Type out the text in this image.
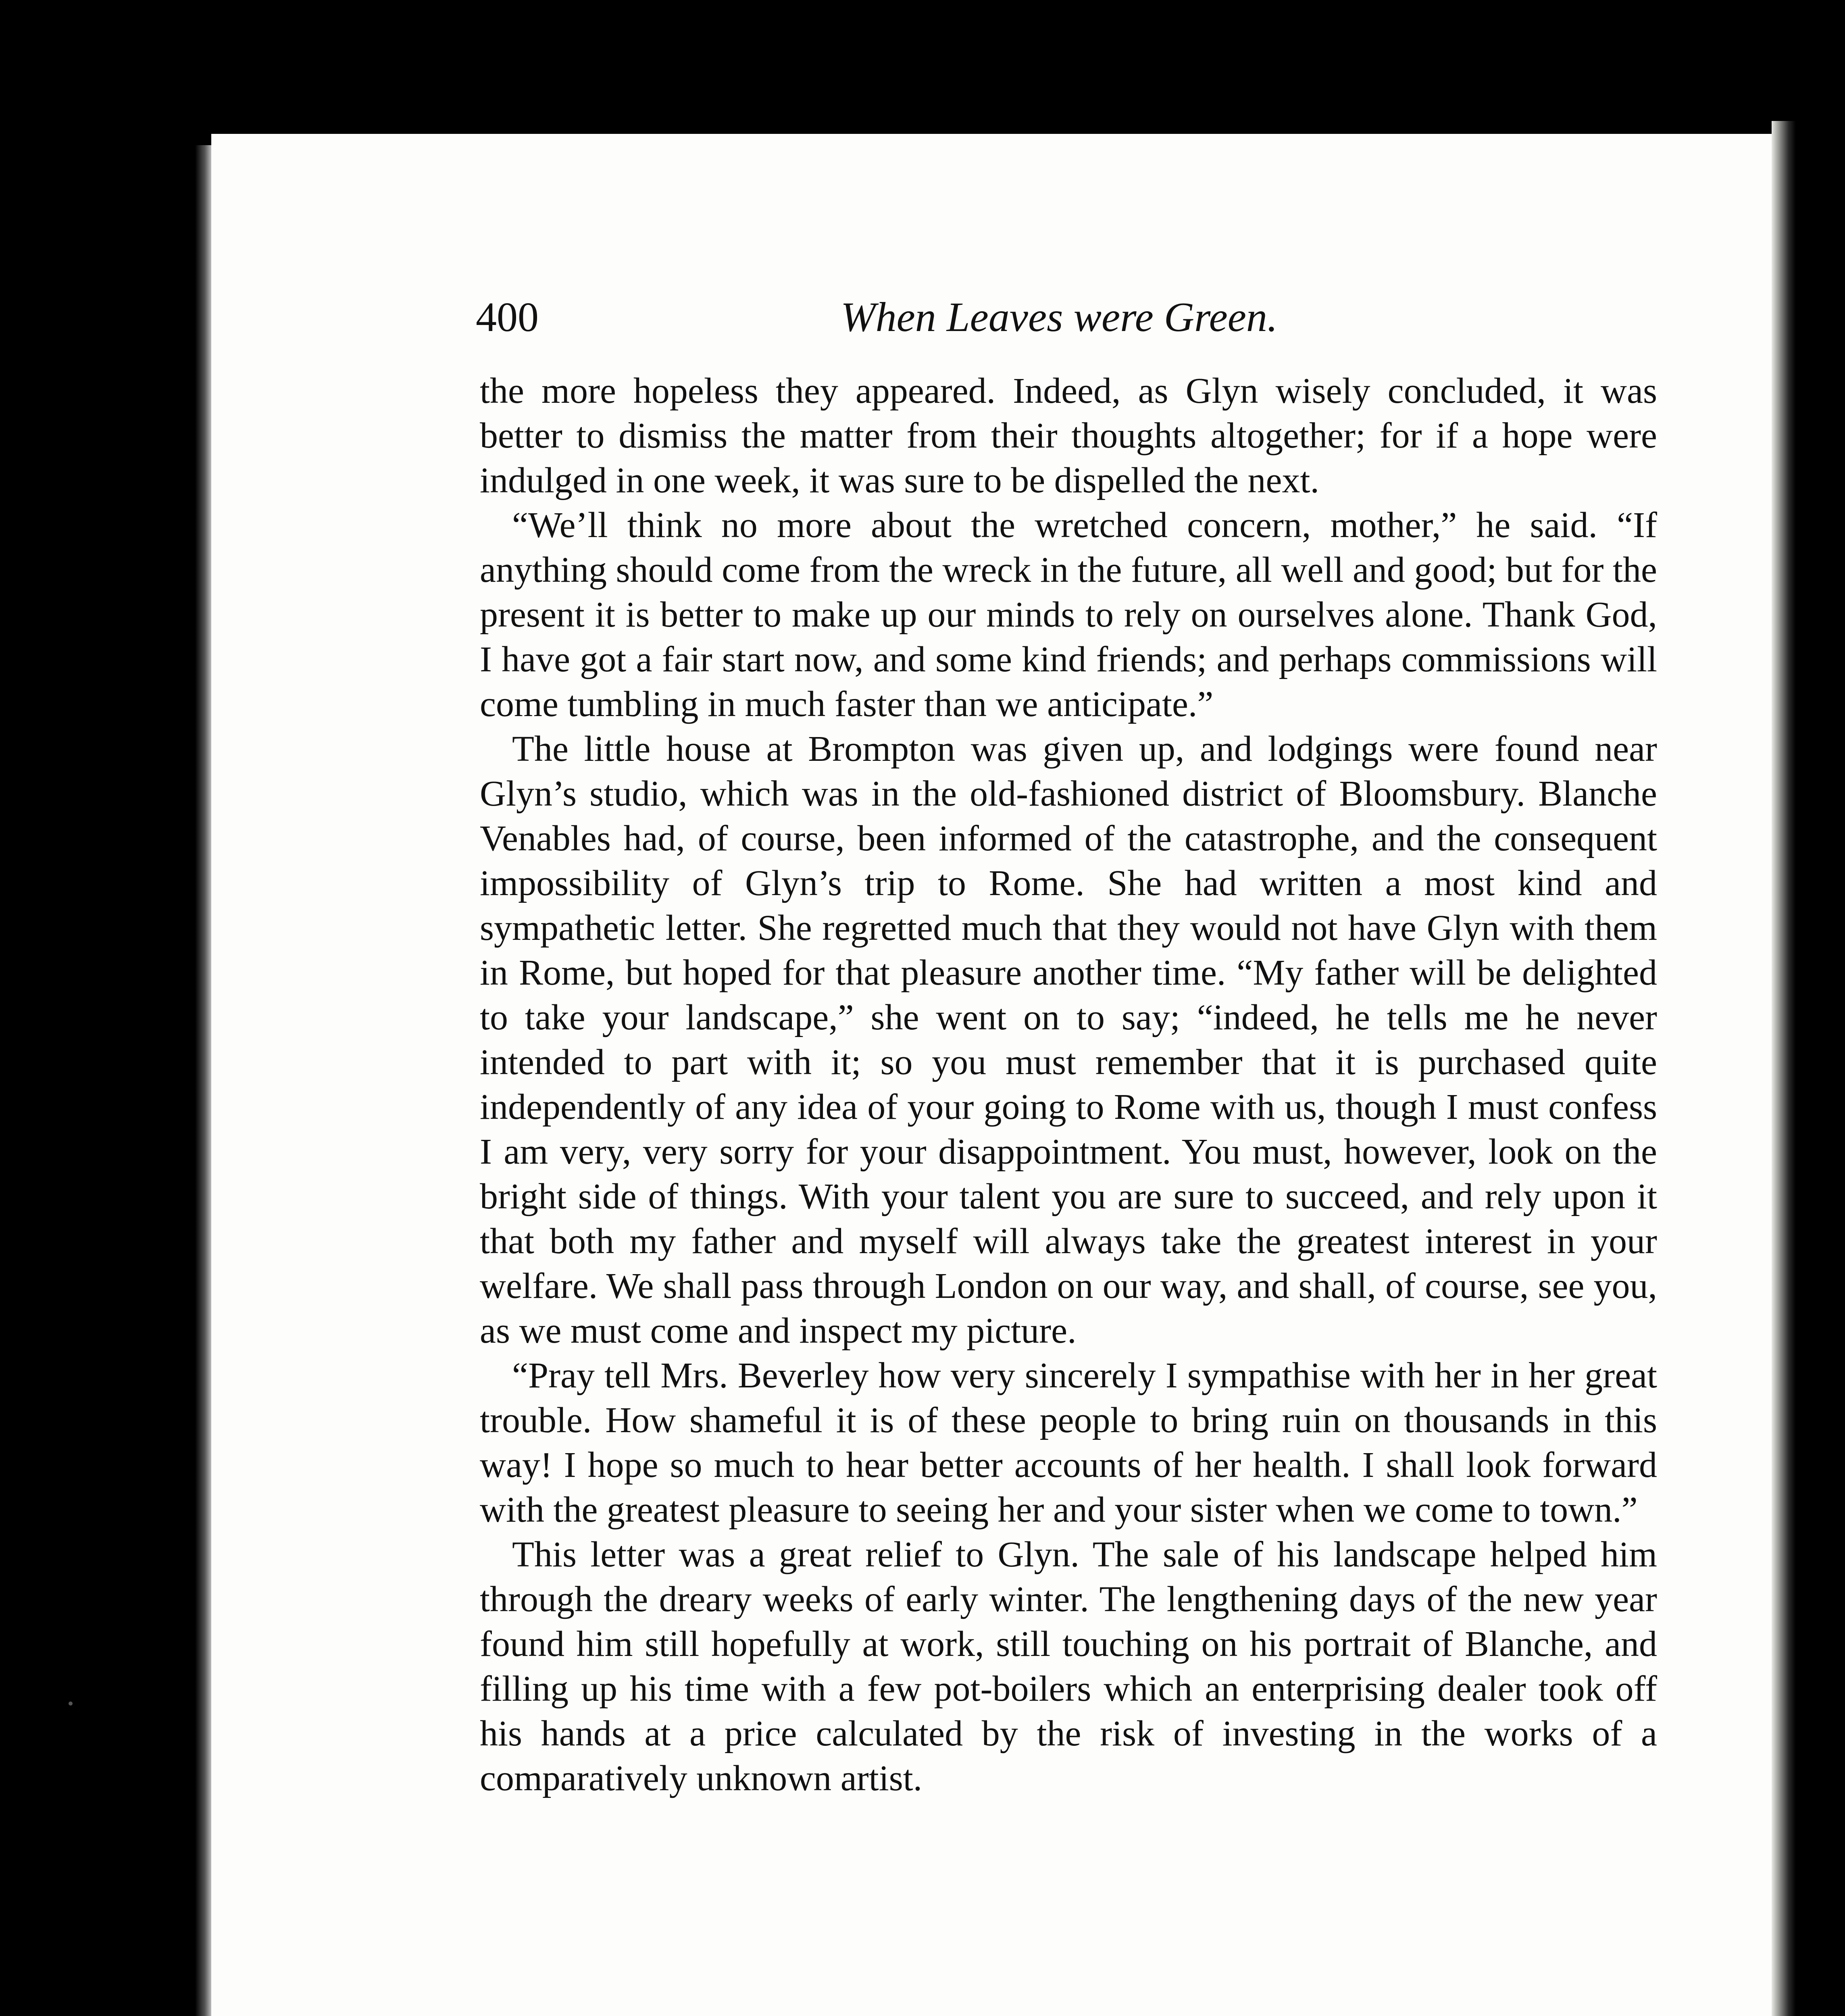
400	When Leaves were Green.

the more hopeless they appeared. Indeed, as Glyn wisely concluded, it was better to dismiss the matter from their thoughts altogether; for if a hope were indulged in one week, it was sure to be dispelled the next.

“We’ll think no more about the wretched concern, mother,” he said. “If anything should come from the wreck in the future, all well and good; but for the present it is better to make up our minds to rely on ourselves alone. Thank God, I have got a fair start now, and some kind friends; and perhaps commissions will come tumbling in much faster than we anticipate.”

The little house at Brompton was given up, and lodgings were found near Glyn’s studio, which was in the old-fashioned district of Bloomsbury. Blanche Venables had, of course, been informed of the catastrophe, and the consequent impossibility of Glyn’s trip to Rome. She had written a most kind and sympathetic letter. She regretted much that they would not have Glyn with them in Rome, but hoped for that pleasure another time. “My father will be delighted to take your landscape,” she went on to say; “indeed, he tells me he never intended to part with it; so you must remember that it is purchased quite independently of any idea of your going to Rome with us, though I must confess I am very, very sorry for your disappointment. You must, however, look on the bright side of things. With your talent you are sure to succeed, and rely upon it that both my father and myself will always take the greatest interest in your welfare. We shall pass through London on our way, and shall, of course, see you, as we must come and inspect my picture.

“Pray tell Mrs. Beverley how very sincerely I sympathise with her in her great trouble. How shameful it is of these people to bring ruin on thousands in this way! I hope so much to hear better accounts of her health. I shall look forward with the greatest pleasure to seeing her and your sister when we come to town.”

This letter was a great relief to Glyn. The sale of his landscape helped him through the dreary weeks of early winter. The lengthening days of the new year found him still hopefully at work, still touching on his portrait of Blanche, and filling up his time with a few pot-boilers which an enterprising dealer took off his hands at a price calculated by the risk of investing in the works of a comparatively unknown artist.
